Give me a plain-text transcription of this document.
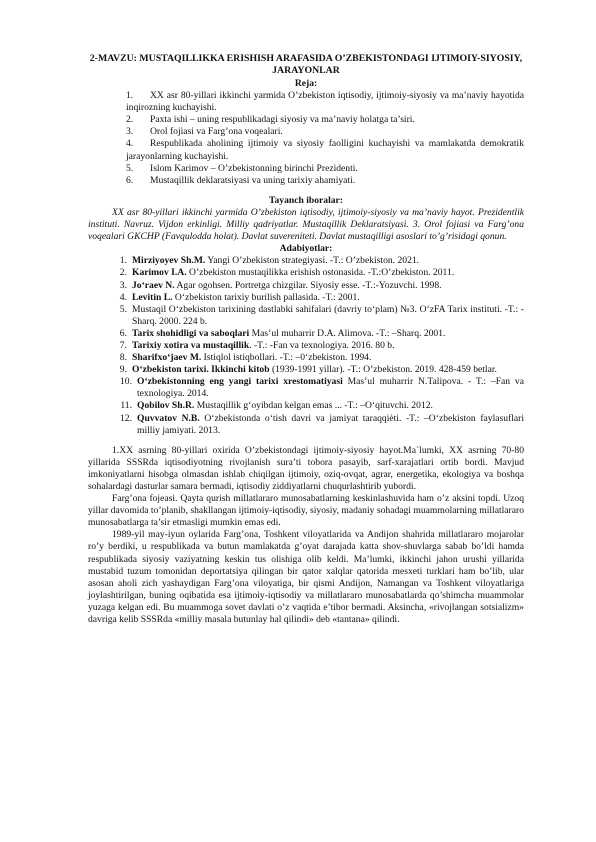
2-MAVZU: MUSTAQILLIKKA ERISHISH ARAFASIDA O’ZBEKISTONDAGI IJTIMOIY-SIYOSIY, JARAYONLAR
Reja:
1. XX asr 80-yillari ikkinchi yarmida O’zbekiston iqtisodiy, ijtimoiy-siyosiy va ma’naviy hayotida inqirozning kuchayishi.
2.	Paxta ishi – uning respublikadagi siyosiy va ma’naviy holatga ta’siri.
3.	Orol fojiasi va Farg’ona voqealari.
4. Respublikada aholining ijtimoiy va siyosiy faolligini kuchayishi va mamlakatda demokratik jarayonlarning kuchayishi.
5.	Islom Karimov – O’zbekistonning birinchi Prezidenti.
6.	Mustaqillik deklaratsiyasi va uning tarixiy ahamiyati.
Tayanch iboralar:

XX asr 80-yillari ikkinchi yarmida O’zbekiston iqtisodiy, ijtimoiy-siyosiy va ma’naviy hayot. Prezidentlik instituti. Navruz. Vijdon erkinligi. Milliy qadriyatlar. Mustaqillik Deklaratsiyasi. 3. Orol fojiasi va Farg’ona voqealari GKCHP (Favqulodda holat). Davlat suvereniteti. Davlat mustaqilligi asoslari to’g’risidagi qonun.

Adabiyotlar:
1. Mirziyoyev Sh.M. Yangi O’zbekiston strategiyasi. -T.: O’zbekiston. 2021.
2. Karimov I.A. O’zbekiston mustaqilikka erishish ostonasida. -T.:O’zbekiston. 2011.
3. Jo‘raev N. Agar ogohsen. Portretga chizgilar. Siyosiy esse. -T.:-Yozuvchi. 1998.
4. Levitin L. O‘zbekiston tarixiy burilish pallasida. -T.: 2001.
5. Mustaqil O‘zbekiston tarixining dastlabki sahifalari (davriy to‘plam) №3. O‘zFA Tarix instituti. -T.: -Sharq. 2000. 224 b.
6. Tarix shohidligi va saboqlari Mas’ul muharrir D.A. Alimova. -T.: ‒Sharq. 2001.
7. Tarixiy xotira va mustaqillik. -T.: -Fan va texnologiya. 2016. 80 b.
8. Sharifxo‘jaev M. Istiqlol istiqbollari. -T.: ‒0‘zbekiston. 1994.
9. O‘zbekiston tarixi. Ikkinchi kitob (1939-1991 yillar). -T.: O’zbekiston. 2019. 428-459 betlar.
10. O‘zbekistonning eng yangi tarixi xrestomatiyasi Mas’ul muharrir N.Talipova. - T.: ‒Fan va texnologiya. 2014.
11. Qobilov Sh.R. Mustaqillik g‘oyibdan kelgan emas ... -T.: ‒O‘qituvchi. 2012.
12. Quvvatov N.B. O‘zbekistonda o‘tish davri va jamiyat taraqqiėti. -T.: ‒O‘zbekiston faylasuflari milliy jamiyati. 2013.

1.XX asrning 80-yillari oxirida O’zbekistondagi ijtimoiy-siyosiy hayot.Ma`lumki, XX asrning 70-80 yillarida SSSRda iqtisodiyotning rivojlanish sura’ti tobora pasayib, sarf-xarajatlari ortib bordi. Mavjud imkoniyatlarni hisobga olmasdan ishlab chiqilgan ijtimoiy, oziq-ovqat, agrar, energetika, ekologiya va boshqa sohalardagi dasturlar samara bermadi, iqtisodiy ziddiyatlarni chuqurlashtirib yubordi.

Farg’ona fojeasi. Qayta qurish millatlararo munosabatlarning keskinlashuvida ham o’z aksini topdi. Uzoq yillar davomida to’planib, shakllangan ijtimoiy-iqtisodiy, siyosiy, madaniy sohadagi muammolarning millatlararo munosabatlarga ta’sir etmasligi mumkin emas edi.

1989-yil may-iyun oylarida Farg’ona, Toshkent viloyatlarida va Andijon shahrida millatlararo mojarolar ro’y berdiki, u respublikada va butun mamlakatda g’oyat darajada katta shov-shuvlarga sabab bo’ldi hamda respublikada siyosiy vaziyatning keskin tus olishiga olib keldi. Ma’lumki, ikkinchi jahon urushi yillarida mustabid tuzum tomonidan deportatsiya qilingan bir qator xalqlar qatorida mesxeti turklari ham bo’lib, ular asosan aholi zich yashaydigan Farg’ona viloyatiga, bir qismi Andijon, Namangan va Toshkent viloyatlariga joylashtirilgan, buning oqibatida esa ijtimoiy-iqtisodiy va millatlararo munosabatlarda qo’shimcha muammolar yuzaga kelgan edi. Bu muammoga sovet davlati o’z vaqtida e’tibor bermadi. Aksincha, «rivojlangan sotsializm» davriga kelib SSSRda «milliy masala butunlay hal qilindi» deb «tantana» qilindi.
